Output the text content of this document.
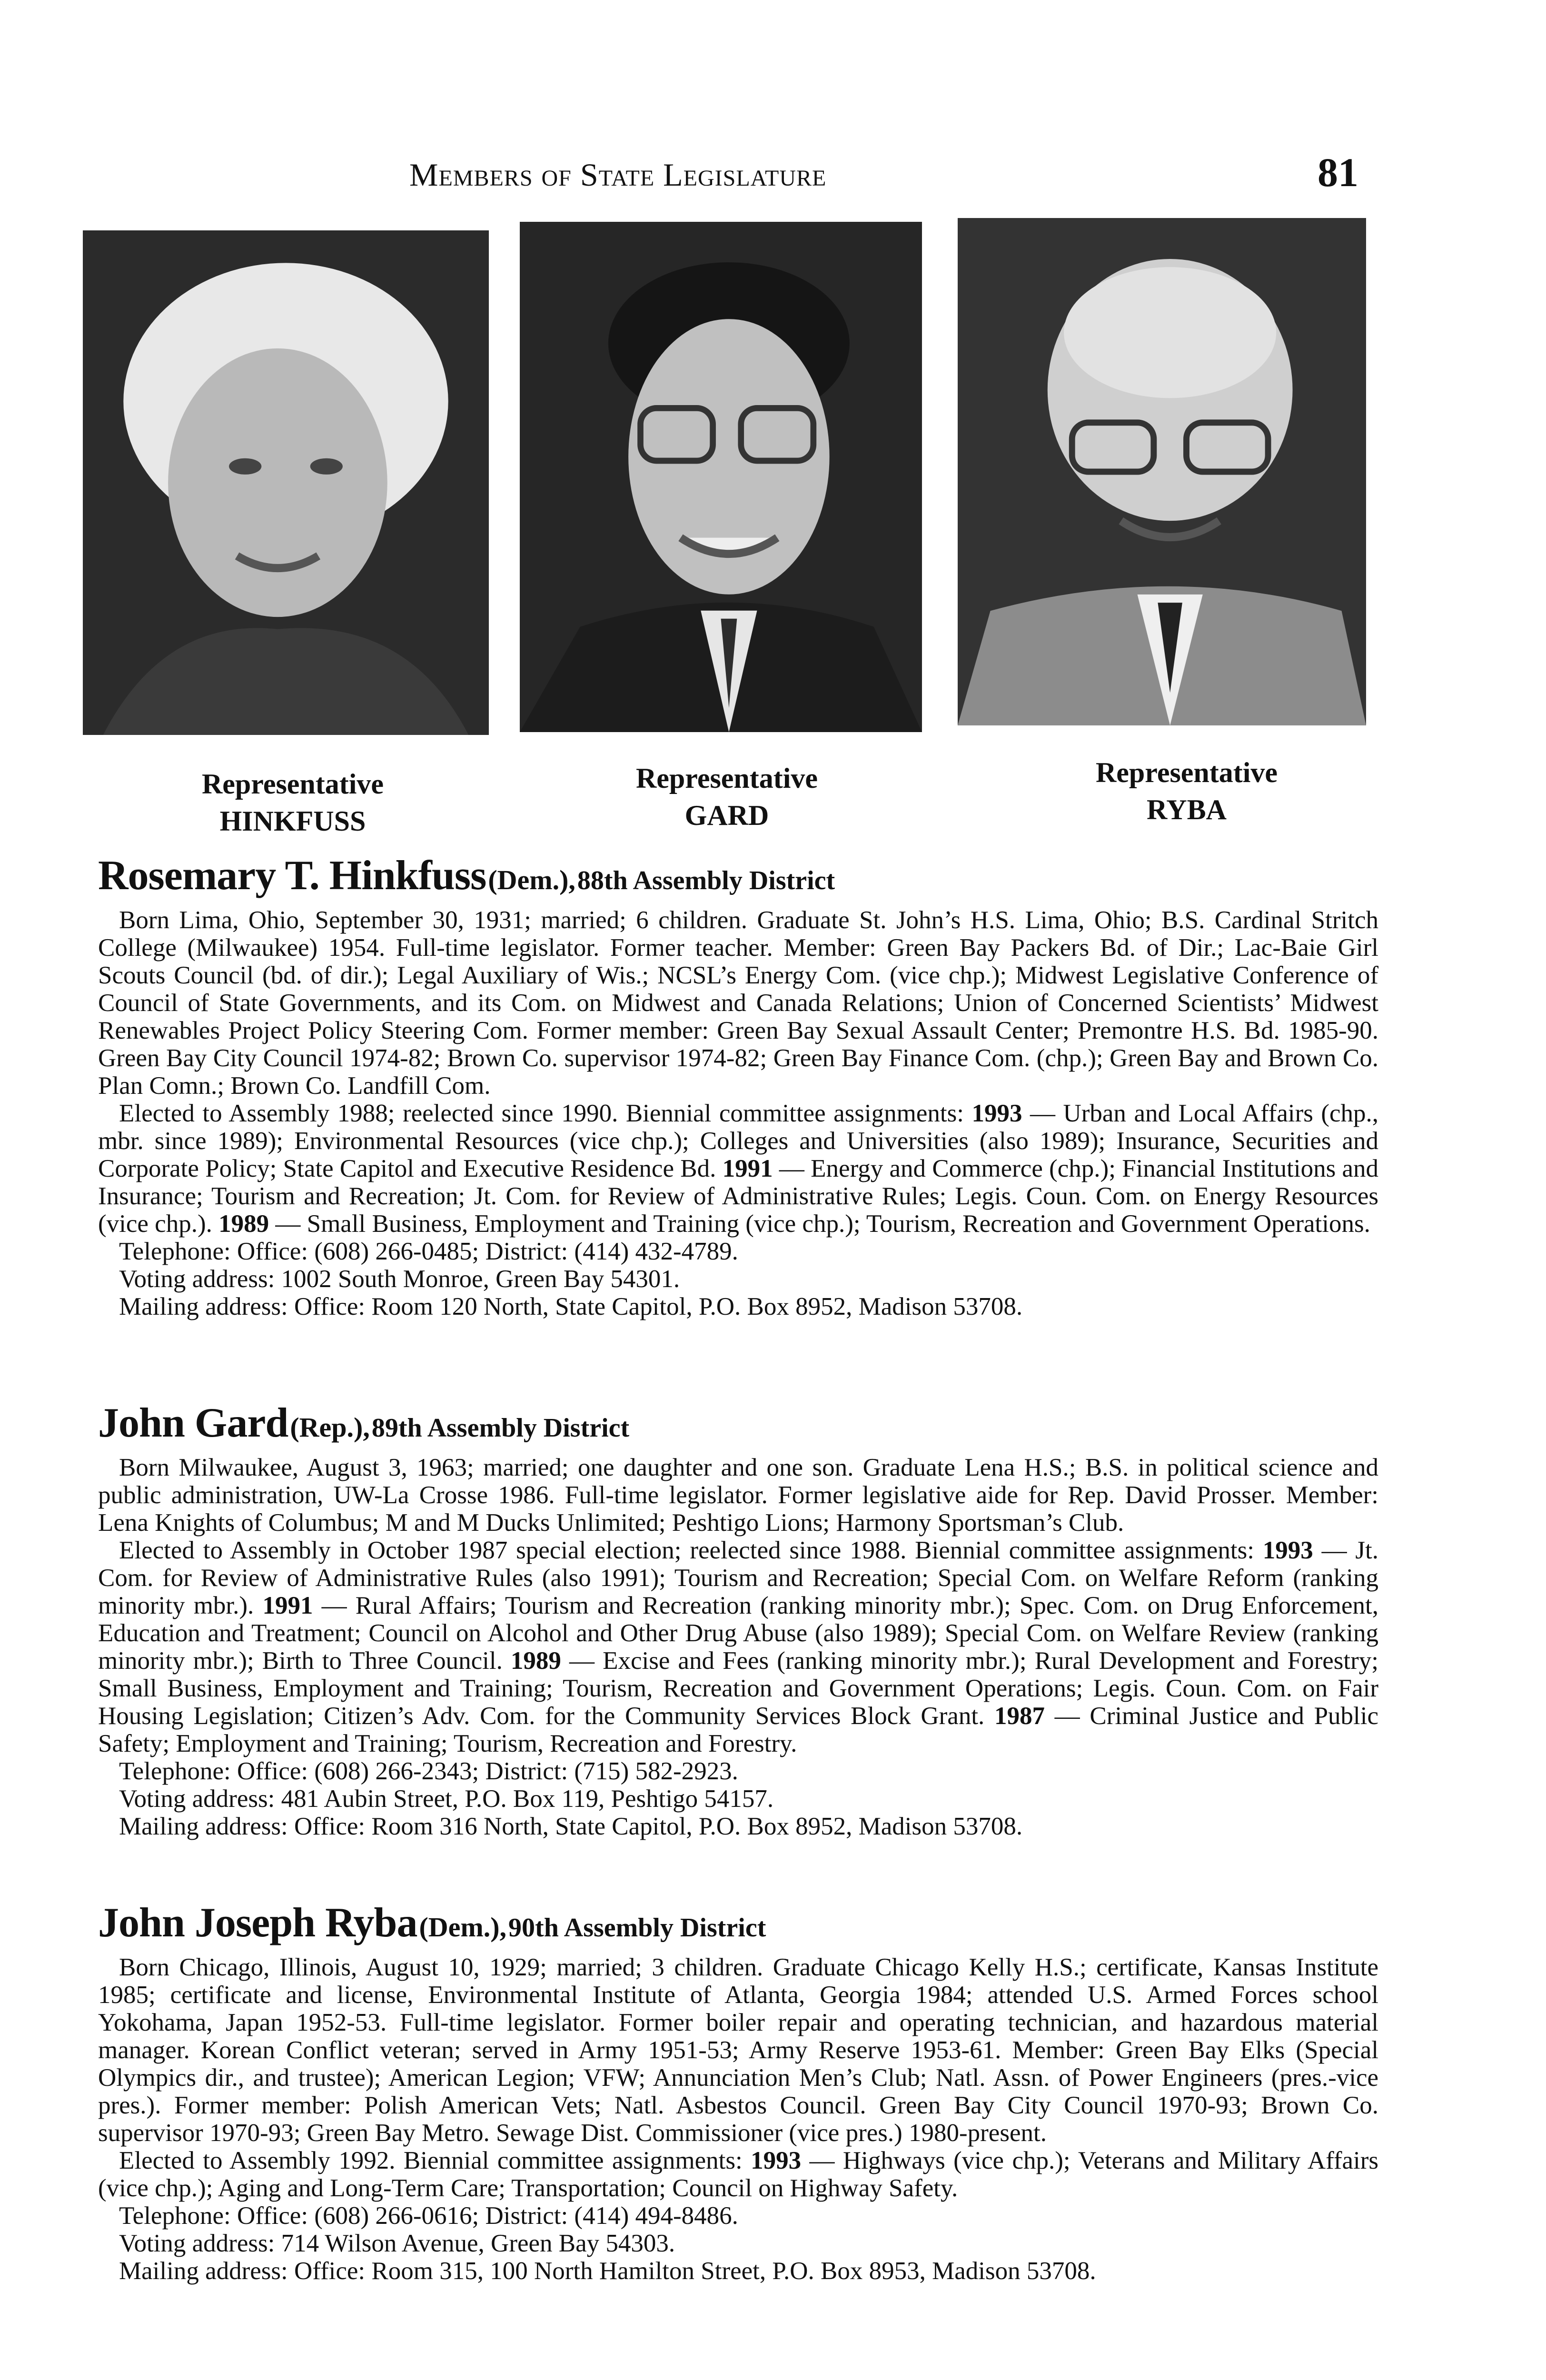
Members of State Legislature	81
Representative
HINKFUSS
Representative
GARD
Representative
RYBA
Rosemary T. Hinkfuss (Dem.), 88th Assembly District

Born Lima, Ohio, September 30, 1931; married; 6 children. Graduate St. John’s H.S. Lima, Ohio; B.S. Cardinal Stritch College (Milwaukee) 1954. Full-time legislator. Former teacher. Member: Green Bay Packers Bd. of Dir.; Lac-Baie Girl Scouts Council (bd. of dir.); Legal Auxiliary of Wis.; NCSL’s Energy Com. (vice chp.); Midwest Legislative Conference of Council of State Governments, and its Com. on Midwest and Canada Relations; Union of Concerned Scientists’ Midwest Renewables Project Policy Steering Com. Former member: Green Bay Sexual Assault Center; Premontre H.S. Bd. 1985-90. Green Bay City Council 1974-82; Brown Co. supervisor 1974-82; Green Bay Finance Com. (chp.); Green Bay and Brown Co. Plan Comn.; Brown Co. Landfill Com.

Elected to Assembly 1988; reelected since 1990. Biennial committee assignments: 1993 — Urban and Local Affairs (chp., mbr. since 1989); Environmental Resources (vice chp.); Colleges and Universities (also 1989); Insurance, Securities and Corporate Policy; State Capitol and Executive Residence Bd. 1991 — Energy and Commerce (chp.); Financial Institutions and Insurance; Tourism and Recreation; Jt. Com. for Review of Administrative Rules; Legis. Coun. Com. on Energy Resources (vice chp.). 1989 — Small Business, Employment and Training (vice chp.); Tourism, Recreation and Government Operations.

Telephone: Office: (608) 266-0485; District: (414) 432-4789.

Voting address: 1002 South Monroe, Green Bay 54301.

Mailing address: Office: Room 120 North, State Capitol, P.O. Box 8952, Madison 53708.

John Gard (Rep.), 89th Assembly District

Born Milwaukee, August 3, 1963; married; one daughter and one son. Graduate Lena H.S.; B.S. in political science and public administration, UW-La Crosse 1986. Full-time legislator. Former legislative aide for Rep. David Prosser. Member: Lena Knights of Columbus; M and M Ducks Unlimited; Peshtigo Lions; Harmony Sportsman’s Club.

Elected to Assembly in October 1987 special election; reelected since 1988. Biennial committee assignments: 1993 — Jt. Com. for Review of Administrative Rules (also 1991); Tourism and Recreation; Special Com. on Welfare Reform (ranking minority mbr.). 1991 — Rural Affairs; Tourism and Recreation (ranking minority mbr.); Spec. Com. on Drug Enforcement, Education and Treatment; Council on Alcohol and Other Drug Abuse (also 1989); Special Com. on Welfare Review (ranking minority mbr.); Birth to Three Council. 1989 — Excise and Fees (ranking minority mbr.); Rural Development and Forestry; Small Business, Employment and Training; Tourism, Recreation and Government Operations; Legis. Coun. Com. on Fair Housing Legislation; Citizen’s Adv. Com. for the Community Services Block Grant. 1987 — Criminal Justice and Public Safety; Employment and Training; Tourism, Recreation and Forestry.

Telephone: Office: (608) 266-2343; District: (715) 582-2923.

Voting address: 481 Aubin Street, P.O. Box 119, Peshtigo 54157.

Mailing address: Office: Room 316 North, State Capitol, P.O. Box 8952, Madison 53708.

John Joseph Ryba (Dem.), 90th Assembly District

Born Chicago, Illinois, August 10, 1929; married; 3 children. Graduate Chicago Kelly H.S.; certificate, Kansas Institute 1985; certificate and license, Environmental Institute of Atlanta, Georgia 1984; attended U.S. Armed Forces school Yokohama, Japan 1952-53. Full-time legislator. Former boiler repair and operating technician, and hazardous material manager. Korean Conflict veteran; served in Army 1951-53; Army Reserve 1953-61. Member: Green Bay Elks (Special Olympics dir., and trustee); American Legion; VFW; Annunciation Men’s Club; Natl. Assn. of Power Engineers (pres.-vice pres.). Former member: Polish American Vets; Natl. Asbestos Council. Green Bay City Council 1970-93; Brown Co. supervisor 1970-93; Green Bay Metro. Sewage Dist. Commissioner (vice pres.) 1980-present.

Elected to Assembly 1992. Biennial committee assignments: 1993 — Highways (vice chp.); Veterans and Military Affairs (vice chp.); Aging and Long-Term Care; Transportation; Council on Highway Safety.

Telephone: Office: (608) 266-0616; District: (414) 494-8486.

Voting address: 714 Wilson Avenue, Green Bay 54303.

Mailing address: Office: Room 315, 100 North Hamilton Street, P.O. Box 8953, Madison 53708.
